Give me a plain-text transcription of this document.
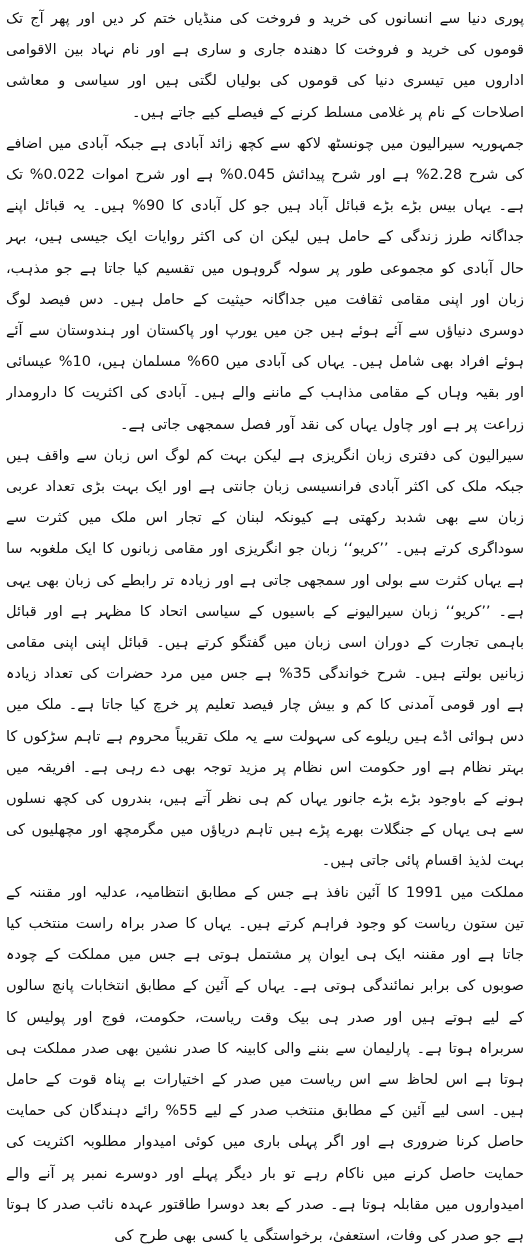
پوری دنیا سے انسانوں کی خرید و فروخت کی منڈیاں ختم کر دیں اور پھر آج تک قوموں کی خرید و فروخت کا دھندہ جاری و ساری ہے اور نام نہاد بین الاقوامی اداروں میں تیسری دنیا کی قوموں کی بولیاں لگتی ہیں اور سیاسی و معاشی اصلاحات کے نام پر غلامی مسلط کرنے کے فیصلے کیے جاتے ہیں۔

جمہوریہ سیرالیون میں چونسٹھ لاکھ سے کچھ زائد آبادی ہے جبکہ آبادی میں اضافے کی شرح 2.28% ہے اور شرح پیدائش 0.045% ہے اور شرح اموات 0.022% تک ہے۔ یہاں بیس بڑے بڑے قبائل آباد ہیں جو کل آبادی کا 90% ہیں۔ یہ قبائل اپنے جداگانہ طرز زندگی کے حامل ہیں لیکن ان کی اکثر روایات ایک جیسی ہیں، بہر حال آبادی کو مجموعی طور پر سولہ گروہوں میں تقسیم کیا جاتا ہے جو مذہب، زبان اور اپنی مقامی ثقافت میں جداگانہ حیثیت کے حامل ہیں۔ دس فیصد لوگ دوسری دنیاؤں سے آئے ہوئے ہیں جن میں یورپ اور پاکستان اور ہندوستان سے آئے ہوئے افراد بھی شامل ہیں۔ یہاں کی آبادی میں 60% مسلمان ہیں، 10% عیسائی اور بقیہ وہاں کے مقامی مذاہب کے ماننے والے ہیں۔ آبادی کی اکثریت کا دارومدار زراعت پر ہے اور چاول یہاں کی نقد آور فصل سمجھی جاتی ہے۔

سیرالیون کی دفتری زبان انگریزی ہے لیکن بہت کم لوگ اس زبان سے واقف ہیں جبکہ ملک کی اکثر آبادی فرانسیسی زبان جانتی ہے اور ایک بہت بڑی تعداد عربی زبان سے بھی شدبد رکھتی ہے کیونکہ لبنان کے تجار اس ملک میں کثرت سے سوداگری کرتے ہیں۔ ’’کریو‘‘ زبان جو انگریزی اور مقامی زبانوں کا ایک ملغوبہ سا ہے یہاں کثرت سے بولی اور سمجھی جاتی ہے اور زیادہ تر رابطے کی زبان بھی یہی ہے۔ ’’کریو‘‘ زبان سیرالیونے کے باسیوں کے سیاسی اتحاد کا مظہر ہے اور قبائل باہمی تجارت کے دوران اسی زبان میں گفتگو کرتے ہیں۔ قبائل اپنی اپنی مقامی زبانیں بولتے ہیں۔ شرح خواندگی 35% ہے جس میں مرد حضرات کی تعداد زیادہ ہے اور قومی آمدنی کا کم و بیش چار فیصد تعلیم پر خرچ کیا جاتا ہے۔ ملک میں دس ہوائی اڈے ہیں ریلوے کی سہولت سے یہ ملک تقریباً محروم ہے تاہم سڑکوں کا بہتر نظام ہے اور حکومت اس نظام پر مزید توجہ بھی دے رہی ہے۔ افریقہ میں ہونے کے باوجود بڑے بڑے جانور یہاں کم ہی نظر آتے ہیں، بندروں کی کچھ نسلوں سے ہی یہاں کے جنگلات بھرے پڑے ہیں تاہم دریاؤں میں مگرمچھ اور مچھلیوں کی بہت لذیذ اقسام پائی جاتی ہیں۔

مملکت میں 1991 کا آئین نافذ ہے جس کے مطابق انتظامیہ، عدلیہ اور مقننہ کے تین ستون ریاست کو وجود فراہم کرتے ہیں۔ یہاں کا صدر براہ راست منتخب کیا جاتا ہے اور مقننہ ایک ہی ایوان پر مشتمل ہوتی ہے جس میں مملکت کے چودہ صوبوں کی برابر نمائندگی ہوتی ہے۔ یہاں کے آئین کے مطابق انتخابات پانچ سالوں کے لیے ہوتے ہیں اور صدر ہی بیک وقت ریاست، حکومت، فوج اور پولیس کا سربراہ ہوتا ہے۔ پارلیمان سے بننے والی کابینہ کا صدر نشین بھی صدر مملکت ہی ہوتا ہے اس لحاظ سے اس ریاست میں صدر کے اختیارات بے پناہ قوت کے حامل ہیں۔ اسی لیے آئین کے مطابق منتخب صدر کے لیے 55% رائے دہندگان کی حمایت حاصل کرنا ضروری ہے اور اگر پہلی باری میں کوئی امیدوار مطلوبہ اکثریت کی حمایت حاصل کرنے میں ناکام رہے تو بار دیگر پہلے اور دوسرے نمبر پر آنے والے امیدواروں میں مقابلہ ہوتا ہے۔ صدر کے بعد دوسرا طاقتور عہدہ نائب صدر کا ہوتا ہے جو صدر کی وفات، استعفیٰ، برخواستگی یا کسی بھی طرح کی
